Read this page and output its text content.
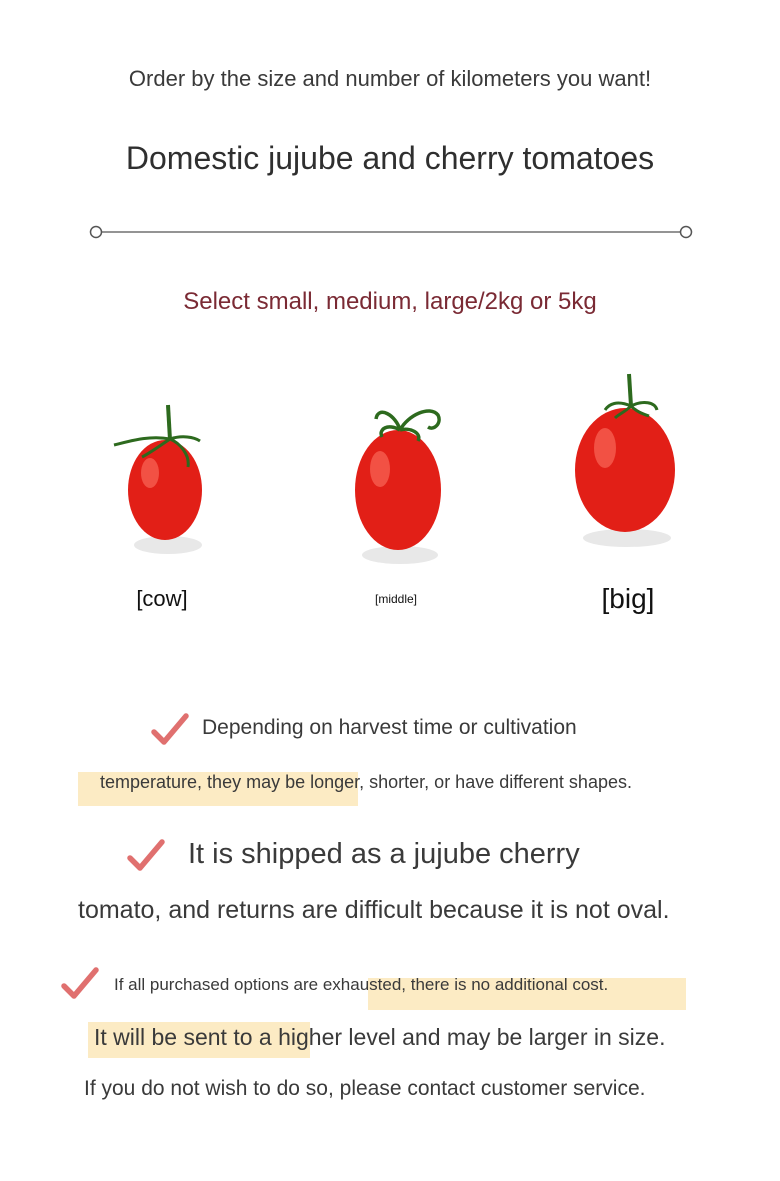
Order by the size and number of kilometers you want!
Domestic jujube and cherry tomatoes
Select small, medium, large/2kg or 5kg
[cow]	[middle]	[big]
Depending on harvest time or cultivation
temperature, they may be longer, shorter, or have different shapes.
It is shipped as a jujube cherry
tomato, and returns are difficult because it is not oval.
If all purchased options are exhausted, there is no additional cost.
It will be sent to a higher level and may be larger in size.
If you do not wish to do so, please contact customer service.
